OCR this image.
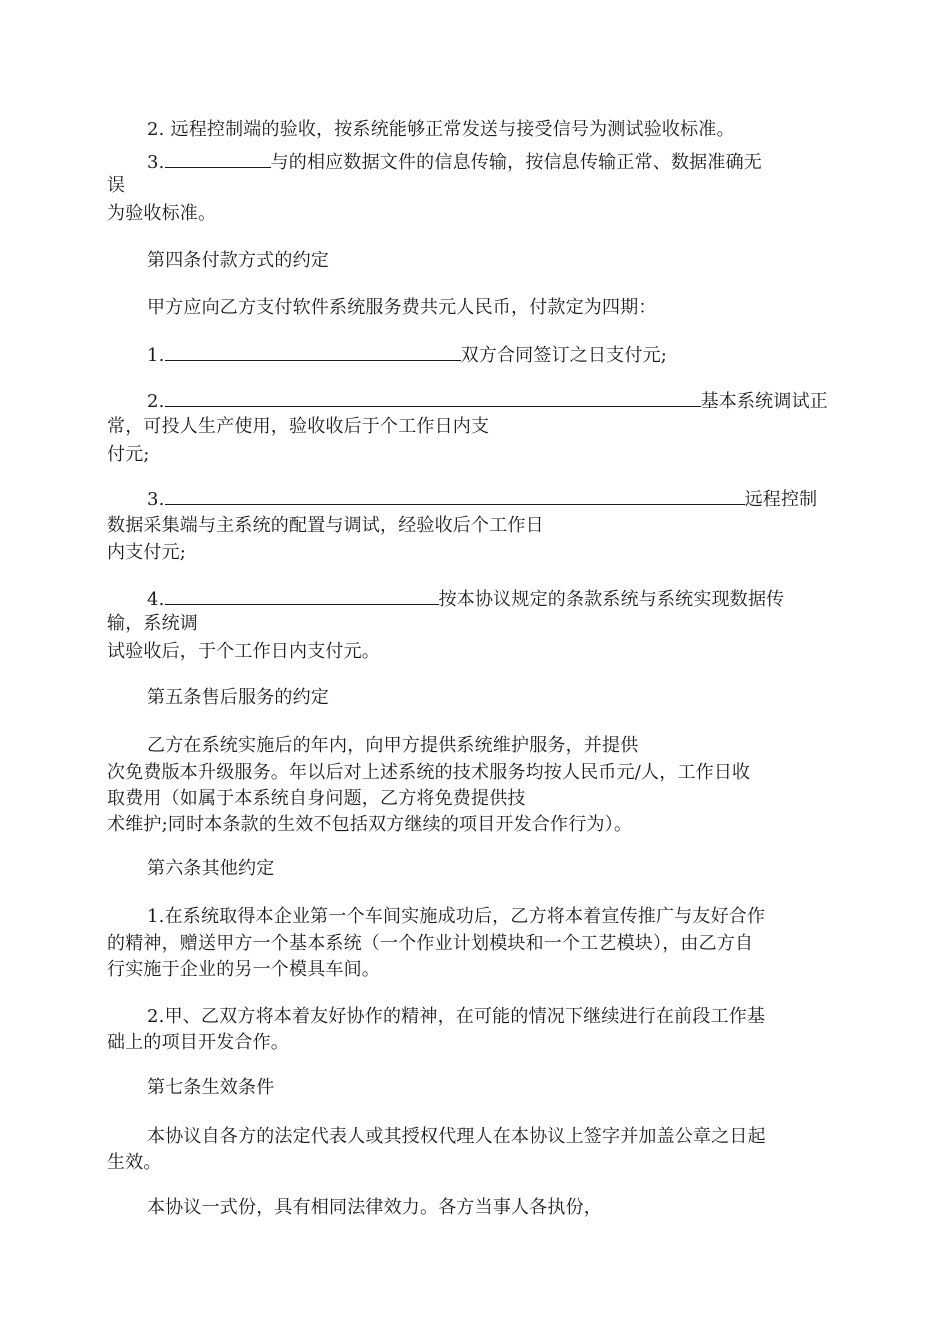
2. 远程控制端的验收，按系统能够正常发送与接受信号为测试验收标准。
3.	与的相应数据文件的信息传输，按信息传输正常、数据准确无
误
为验收标准。
第四条付款方式的约定
甲方应向乙方支付软件系统服务费共元人民币，付款定为四期：
1.	双方合同签订之日支付元;
2.	基本系统调试正
常，可投人生产使用，验收收后于个工作日内支
付元;
3.	远程控制
数据采集端与主系统的配置与调试，经验收后个工作日
内支付元;
4.	按本协议规定的条款系统与系统实现数据传
输，系统调
试验收后，于个工作日内支付元。
第五条售后服务的约定
乙方在系统实施后的年内，向甲方提供系统维护服务，并提供
次免费版本升级服务。年以后对上述系统的技术服务均按人民币元/人，工作日收
取费用（如属于本系统自身问题，乙方将免费提供技
术维护;同时本条款的生效不包括双方继续的项目开发合作行为）。
第六条其他约定
1.在系统取得本企业第一个车间实施成功后，乙方将本着宣传推广与友好合作
的精神，赠送甲方一个基本系统（一个作业计划模块和一个工艺模块），由乙方自
行实施于企业的另一个模具车间。
2.甲、乙双方将本着友好协作的精神，在可能的情况下继续进行在前段工作基
础上的项目开发合作。
第七条生效条件
本协议自各方的法定代表人或其授权代理人在本协议上签字并加盖公章之日起
生效。
本协议一式份，具有相同法律效力。各方当事人各执份，
